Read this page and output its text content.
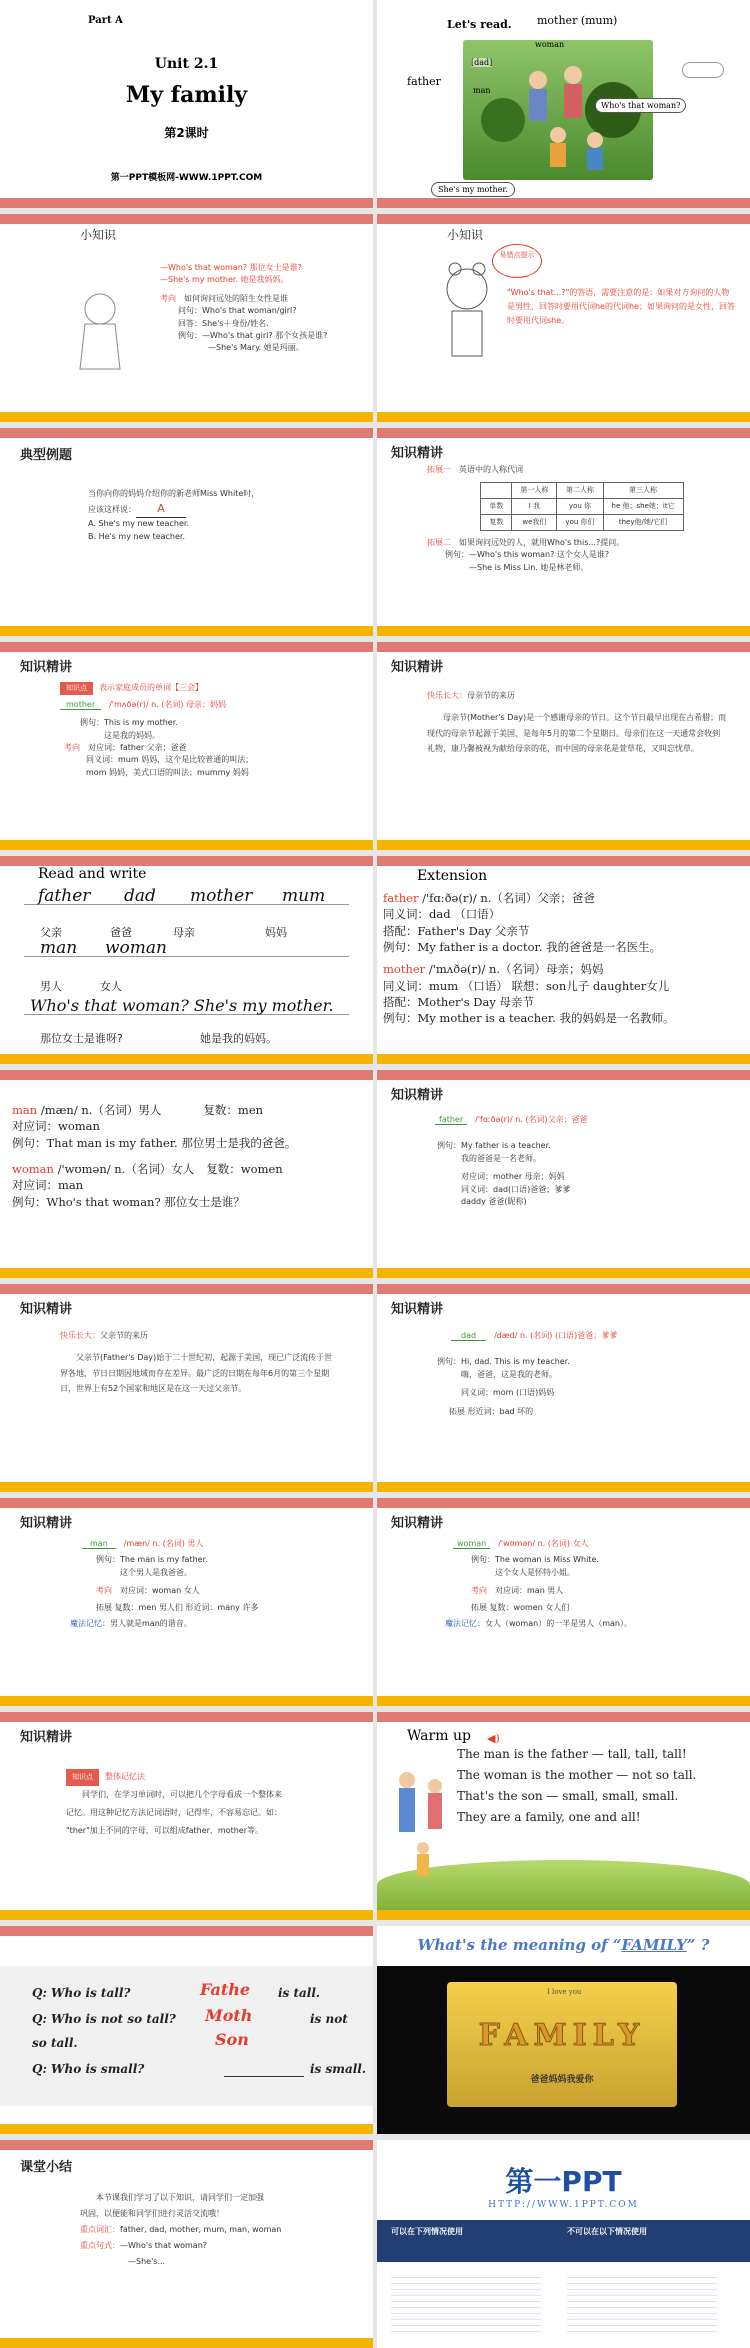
Part A
Unit 2.1
My family
第2课时
第一PPT模板网-WWW.1PPT.COM
Let's read. mother (mum)
father
[dad]
woman
man
Who's that woman?
She's my mother.
小知识
—Who's that woman? 那位女士是谁?
—She's my mother. 她是我妈妈。
考向　 如何询问远处的陌生女性是谁
问句：Who's that woman/girl?
回答：She's＋身份/姓名.
例句：—Who's that girl? 那个女孩是谁?
—She's Mary. 她是玛丽。
小知识
易错点提示
"Who's that...?"的答语，需要注意的是：如果对方询问的人物是男性，回答时要用代词he的代词he；如果询问的是女性，回答时要用代词she。
典型例题
当你向你的妈妈介绍你的新老师Miss White时，
应该这样说： A
A. She's my new teacher.
B. He's my new teacher.
知识精讲
拓展一　 英语中的人称代词
	第一人称	第二人称	第三人称
单数	I 我	you 你	he 他；she她；it它
复数	we我们	you 你们	they他/她/它们
拓展二　 如果询问远处的人，就用Who's this...?提问。
例句：—Who's this woman? 这个女人是谁?
—She is Miss Lin. 她是林老师。
知识精讲
知识点 表示家庭成员的单词【三会】
mother　 /'mʌðə(r)/ n. (名词) 母亲；妈妈
例句：This is my mother.
这是我的妈妈。
考向　 对应词：father 父亲；爸爸
同义词：mum 妈妈，这个是比较普通的叫法；
mom 妈妈，美式口语的叫法；mummy 妈妈
知识精讲
快乐长大：母亲节的来历
母亲节(Mother's Day)是一个感谢母亲的节日。这个节日最早出现在古希腊；而现代的母亲节起源于美国，是每年5月的第二个星期日。母亲们在这一天通常会收到礼物，康乃馨被视为献给母亲的花，而中国的母亲花是萱草花，又叫忘忧草。
Read and write
father dad mother mum
父亲	爸爸	母亲	妈妈
man woman
男人	女人
Who's that woman? She's my mother.
那位女士是谁呀?	她是我的妈妈。
Extension
father /'fɑːðə(r)/ n.（名词）父亲；爸爸
同义词：dad （口语）
搭配：Father's Day 父亲节
例句：My father is a doctor. 我的爸爸是一名医生。
mother /'mʌðə(r)/ n.（名词）母亲；妈妈
同义词：mum （口语） 联想：son儿子 daughter女儿
搭配：Mother's Day 母亲节
例句：My mother is a teacher. 我的妈妈是一名教师。
man /mæn/ n.（名词）男人	复数：men
对应词：woman
例句：That man is my father. 那位男士是我的爸爸。
woman /'wʊmən/ n.（名词）女人 复数：women
对应词：man
例句：Who's that woman? 那位女士是谁？
知识精讲
father　 /'fɑːðə(r)/ n. (名词)父亲；爸爸
例句：My father is a teacher.
我的爸爸是一名老师。
对应词：mother 母亲；妈妈
同义词：dad(口语)爸爸；爹爹
daddy 爸爸(昵称)
知识精讲
快乐长大：父亲节的来历
父亲节(Father's Day)始于二十世纪初，起源于美国，现已广泛流传于世界各地，节日日期因地域而存在差异。最广泛的日期在每年6月的第三个星期日，世界上有52个国家和地区是在这一天过父亲节。
知识精讲
dad　 /dæd/ n. (名词) (口语)爸爸；爹爹
例句：Hi, dad. This is my teacher.
嗨，爸爸，这是我的老师。
同义词：mom (口语)妈妈
拓展 形近词：bad 坏的
知识精讲
man　 /mæn/ n. (名词) 男人
例句：The man is my father.
这个男人是我爸爸。
考向　 对应词：woman 女人
拓展 复数：men 男人们 形近词：many 许多
魔法记忆：男人就是man的谐音。
知识精讲
woman　 /'wʊmən/ n. (名词) 女人
例句：The woman is Miss White.
这个女人是怀特小姐。
考向　 对应词：man 男人
拓展 复数：women 女人们
魔法记忆：女人（woman）的一半是男人（man）。
知识精讲
知识点 整体记忆法
同学们，在学习单词时，可以把几个字母看成一个整体来
记忆。用这种记忆方法记词语时，记得牢，不容易忘记。如：
"ther"加上不同的字母，可以组成father、mother等。
Warm up ◀)
The man is the father — tall, tall, tall!
The woman is the mother — not so tall.
That's the son — small, small, small.
They are a family, one and all!
Q: Who is tall?	Fathe is tall.
Q: Who is not so tall? Moth	is not
so tall.	Son
Q: Who is small?	is small.
What's the meaning of “FAMILY” ?
I love you
FAMILY
爸爸妈妈我爱你
课堂小结
本节课我们学习了以下知识，请同学们一定加强
巩固，以便能和同学们进行灵活交流哦！
重点词汇：father, dad, mother, mum, man, woman
重点句式：—Who's that woman?
—She's...
第一PPT
HTTP://WWW.1PPT.COM
可以在下列情况使用	不可以在以下情况使用
